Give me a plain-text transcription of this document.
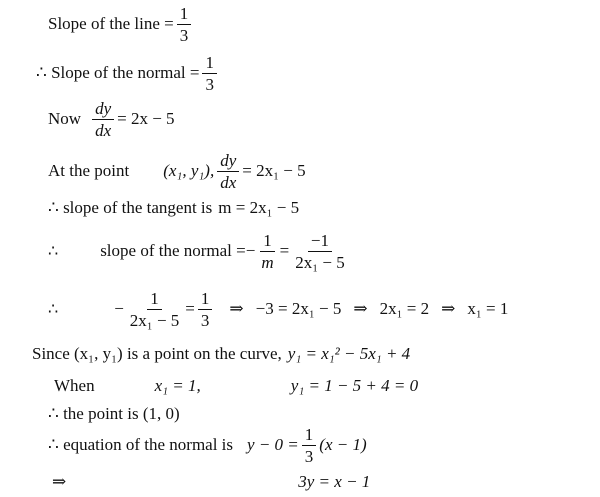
Slope of the line = $\frac{1}{3}$
∴ Slope of the normal = $\frac{1}{3}$
Now $\frac{dy}{dx} = 2x - 5$
At the point (x₁, y₁), $\frac{dy}{dx} = 2x_1 - 5$
∴ slope of the tangent is m = 2x₁ − 5
∴ slope of the normal = − $\frac{1}{m} = \frac{-1}{\text{2x₁ − 5}}$
∴	− $\frac{1}{\text{2x₁ − 5}} = \frac{1}{3}$ ⇒ −3 = 2x₁ − 5 ⇒ 2x₁ = 2 ⇒ x₁ = 1
Since (x₁, y₁) is a point on the curve, y₁ = x₁² − 5x₁ + 4
When	x₁ = 1,	y₁ = 1 − 5 + 4 = 0
∴ the point is (1, 0)
∴ equation of the normal is $y - 0 = \frac{1}{3} (x - 1)$
⇒	3y = x − 1
